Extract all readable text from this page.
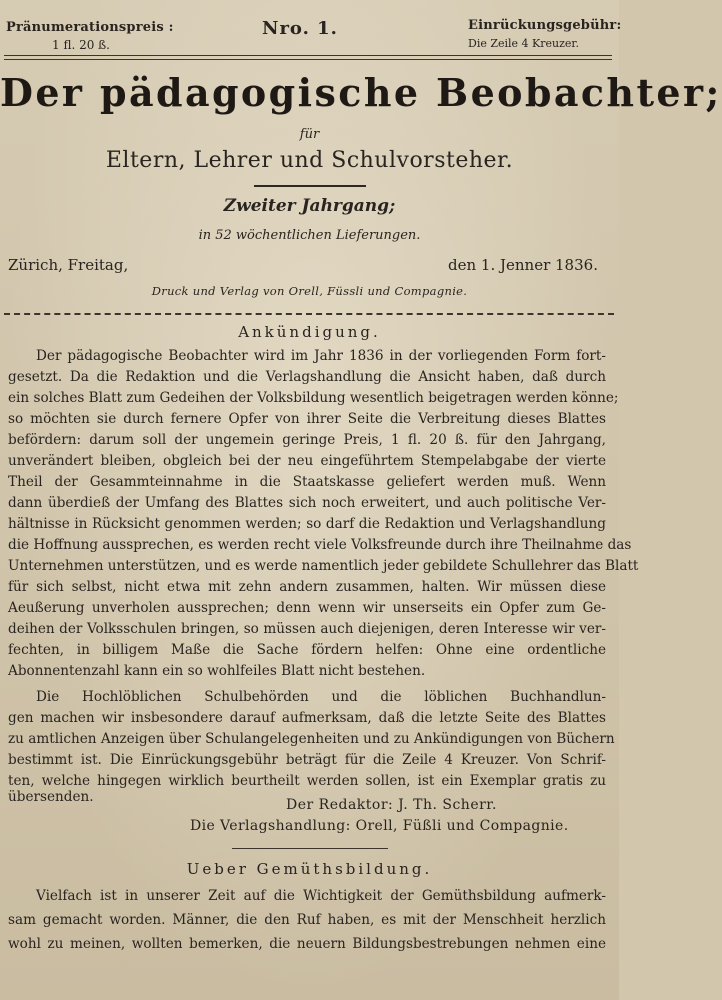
Pränumerationspreis :
1 fl. 20 ß.
Nro. 1.	Einrückungsgebühr:
Die Zeile 4 Kreuzer.
Der pädagogische Beobachter;
für
Eltern, Lehrer und Schulvorsteher.
Zweiter Jahrgang;
in 52 wöchentlichen Lieferungen.
Zürich, Freitag,	den 1. Jenner 1836.
Druck und Verlag von Orell, Füssli und Compagnie.
Ankündigung.
Der pädagogische Beobachter wird im Jahr 1836 in der vorliegenden Form fort-
gesetzt. Da die Redaktion und die Verlagshandlung die Ansicht haben, daß durch
ein solches Blatt zum Gedeihen der Volksbildung wesentlich beigetragen werden könne;
so möchten sie durch fernere Opfer von ihrer Seite die Verbreitung dieses Blattes
befördern: darum soll der ungemein geringe Preis, 1 fl. 20 ß. für den Jahrgang,
unverändert bleiben, obgleich bei der neu eingeführtem Stempelabgabe der vierte
Theil der Gesammteinnahme in die Staatskasse geliefert werden muß. Wenn
dann überdieß der Umfang des Blattes sich noch erweitert, und auch politische Ver-
hältnisse in Rücksicht genommen werden; so darf die Redaktion und Verlagshandlung
die Hoffnung aussprechen, es werden recht viele Volksfreunde durch ihre Theilnahme das
Unternehmen unterstützen, und es werde namentlich jeder gebildete Schullehrer das Blatt
für sich selbst, nicht etwa mit zehn andern zusammen, halten. Wir müssen diese
Aeußerung unverholen aussprechen; denn wenn wir unserseits ein Opfer zum Ge-
deihen der Volksschulen bringen, so müssen auch diejenigen, deren Interesse wir ver-
fechten, in billigem Maße die Sache fördern helfen: Ohne eine ordentliche
Abonnentenzahl kann ein so wohlfeiles Blatt nicht bestehen.
Die Hochlöblichen Schulbehörden und die löblichen Buchhandlun-
gen machen wir insbesondere darauf aufmerksam, daß die letzte Seite des Blattes
zu amtlichen Anzeigen über Schulangelegenheiten und zu Ankündigungen von Büchern
bestimmt ist. Die Einrückungsgebühr beträgt für die Zeile 4 Kreuzer. Von Schrif-
ten, welche hingegen wirklich beurtheilt werden sollen, ist ein Exemplar gratis zu
übersenden.	Der Redaktor: J. Th. Scherr.
Die Verlagshandlung: Orell, Füßli und Compagnie.
Ueber Gemüthsbildung.
Vielfach ist in unserer Zeit auf die Wichtigkeit der Gemüthsbildung aufmerk-
sam gemacht worden. Männer, die den Ruf haben, es mit der Menschheit herzlich
wohl zu meinen, wollten bemerken, die neuern Bildungsbestrebungen nehmen eine
